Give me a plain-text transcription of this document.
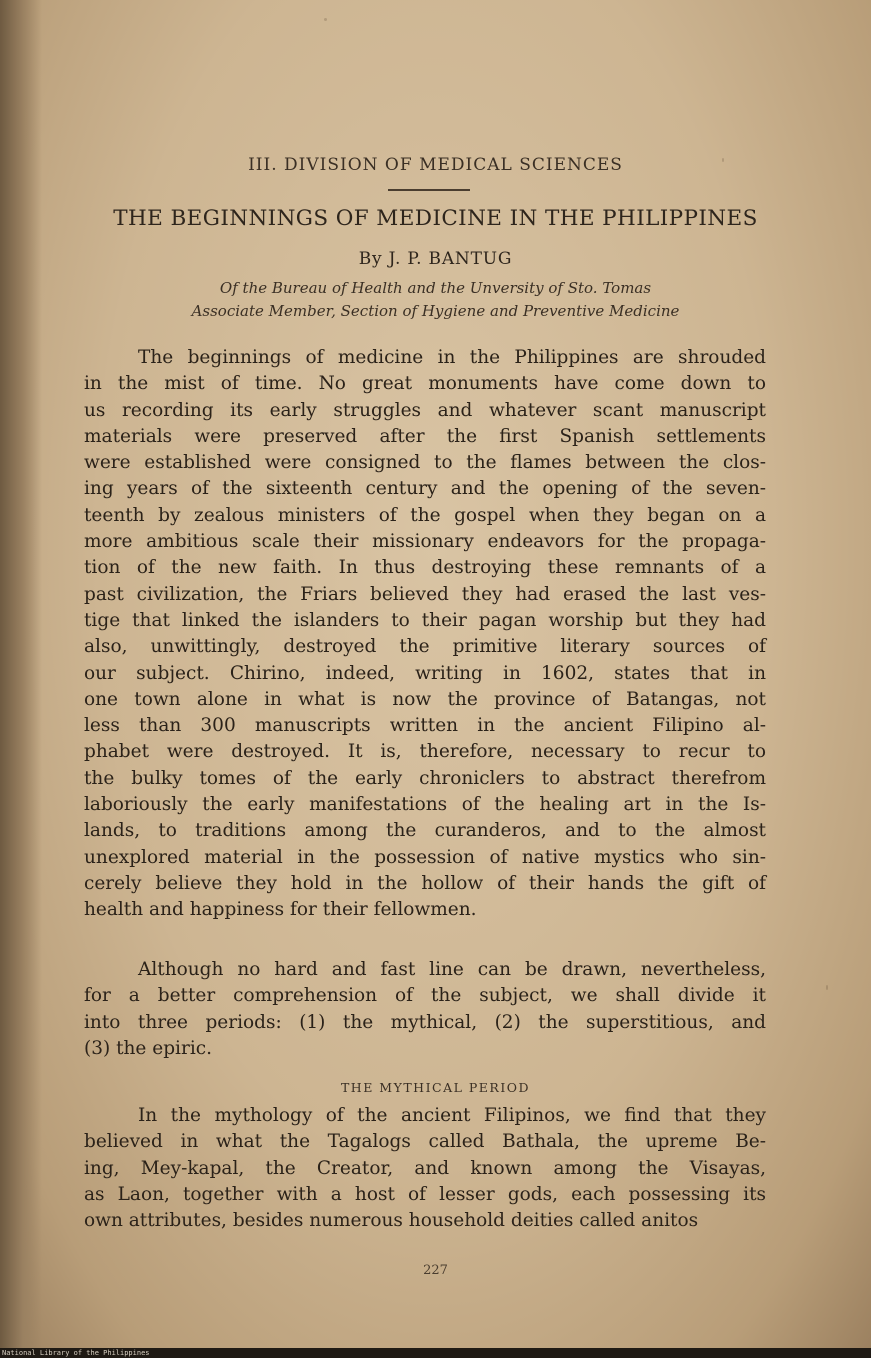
III. DIVISION OF MEDICAL SCIENCES
THE BEGINNINGS OF MEDICINE IN THE PHILIPPINES
By J. P. BANTUG
Of the Bureau of Health and the Unversity of Sto. Tomas
Associate Member, Section of Hygiene and Preventive Medicine
The beginnings of medicine in the Philippines are shrouded
in the mist of time. No great monuments have come down to
us recording its early struggles and whatever scant manuscript
materials were preserved after the first Spanish settlements
were established were consigned to the flames between the clos-
ing years of the sixteenth century and the opening of the seven-
teenth by zealous ministers of the gospel when they began on a
more ambitious scale their missionary endeavors for the propaga-
tion of the new faith. In thus destroying these remnants of a
past civilization, the Friars believed they had erased the last ves-
tige that linked the islanders to their pagan worship but they had
also, unwittingly, destroyed the primitive literary sources of
our subject. Chirino, indeed, writing in 1602, states that in
one town alone in what is now the province of Batangas, not
less than 300 manuscripts written in the ancient Filipino al-
phabet were destroyed. It is, therefore, necessary to recur to
the bulky tomes of the early chroniclers to abstract therefrom
laboriously the early manifestations of the healing art in the Is-
lands, to traditions among the curanderos, and to the almost
unexplored material in the possession of native mystics who sin-
cerely believe they hold in the hollow of their hands the gift of
health and happiness for their fellowmen.
Although no hard and fast line can be drawn, nevertheless,
for a better comprehension of the subject, we shall divide it
into three periods: (1) the mythical, (2) the superstitious, and
(3) the epiric.
THE MYTHICAL PERIOD
In the mythology of the ancient Filipinos, we find that they
believed in what the Tagalogs called Bathala, the upreme Be-
ing, Mey-kapal, the Creator, and known among the Visayas,
as Laon, together with a host of lesser gods, each possessing its
own attributes, besides numerous household deities called anitos
227
National Library of the Philippines
